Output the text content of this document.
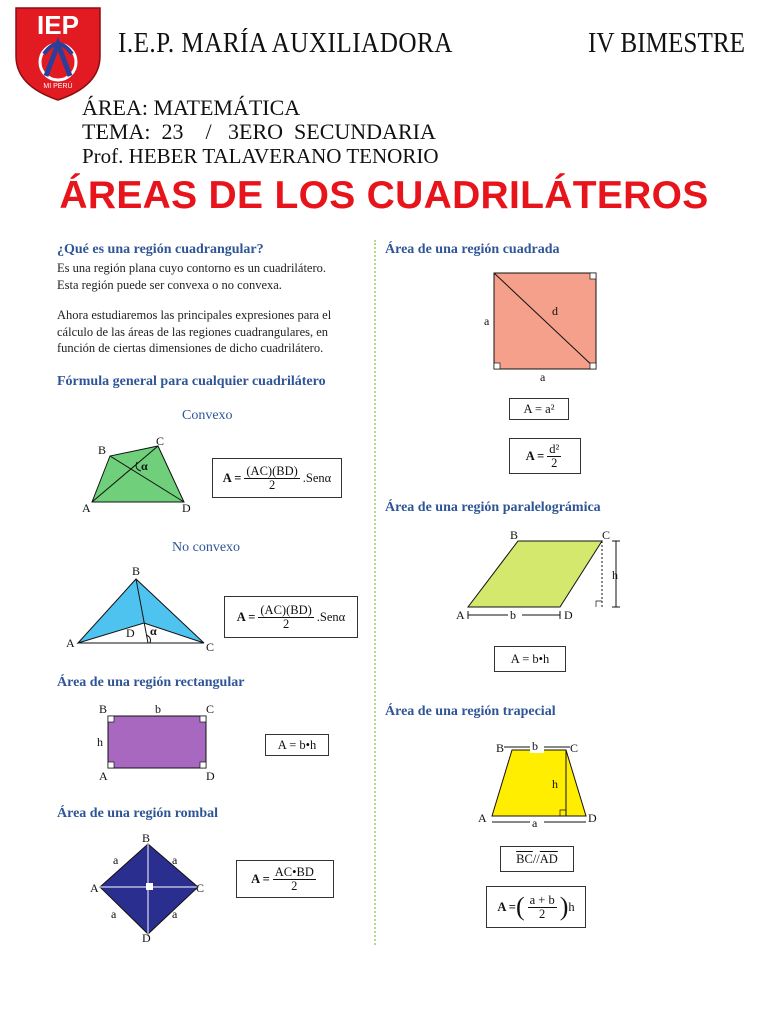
IEP
MI PERÚ
I.E.P. MARÍA AUXILIADORA	IV BIMESTRE
ÁREA: MATEMÁTICA
TEMA:  23    /   3ERO  SECUNDARIA
Prof. HEBER TALAVERANO TENORIO
ÁREAS DE LOS CUADRILÁTEROS
¿Qué es una región cuadrangular?
Es una región plana cuyo contorno es un cuadrilátero.
Esta región puede ser convexa o no convexa.
Ahora estudiaremos las principales expresiones para el
cálculo de las áreas de las regiones cuadrangulares, en
función de ciertas dimensiones de dicho cuadrilátero.
Fórmula general para cualquier cuadrilátero
Convexo
B
C
A	D
α
$A = \frac{(AC)(BD)}{2} .Sen\alpha$
No convexo
B
A	C
D α
$A = \frac{(AC)(BD)}{2} .Sen\alpha$
Área de una región rectangular
B	C
A	D
b
h	A = b•h
Área de una región rombal
B
A	C
D
a	a
a	a
$A = \frac{AC•BD}{2}$
Área de una región cuadrada
a
d
a
A = a²
$A = \frac{\text{d²}}{2}$
Área de una región paralelográmica
b
B	C
A	D
h
A = b•h
Área de una región trapecial
b
a
B	C
A	D
h
$\overline{BC} // \overline{AD}$
A = ( $\frac{a + b}{2}$ ) h
